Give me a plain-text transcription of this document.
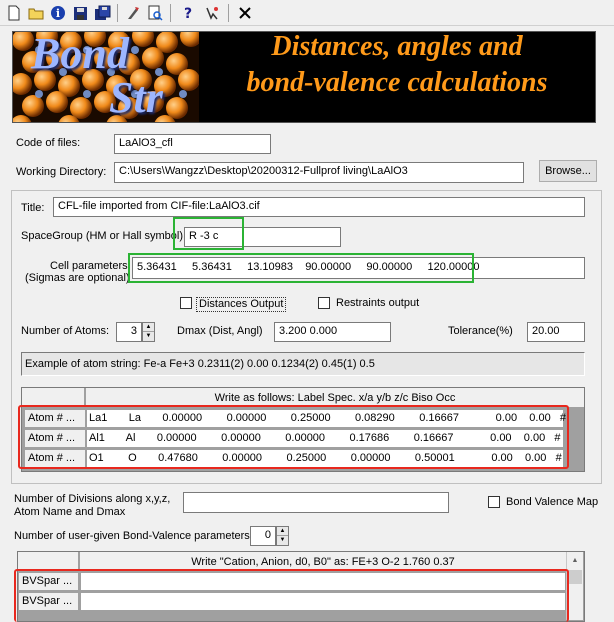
i	?
Bond
Str
Distances, angles and
bond-valence calculations
Code of files:	LaAlO3_cfl
Working Directory:	C:\Users\Wangzz\Desktop\20200312-Fullprof living\LaAlO3	Browse...
Title:	CFL-file imported from CIF-file:LaAlO3.cif
SpaceGroup (HM or Hall symbol) R -3 c
Cell parameters:
(Sigmas are optional)
5.36431     5.36431     13.10983    90.00000     90.00000     120.00000
Distances Output	Restraints output
Number of Atoms:	3	▲
▼ Dmax (Dist, Angl)	3.200 0.000	Tolerance(%)	20.00
Example of atom string: Fe-a Fe+3 0.2311(2) 0.00 0.1234(2) 0.45(1) 0.5
Write as follows: Label Spec. x/a y/b z/c Biso Occ
Atom # ...	La1       La       0.00000        0.00000        0.25000        0.08290        0.16667            0.00    0.00   #
Atom # ...	Al1       Al       0.00000        0.00000        0.00000        0.17686        0.16667            0.00    0.00   #
Atom # ...	O1        O       0.47680        0.00000        0.25000        0.00000        0.50001            0.00    0.00   #
Number of Divisions along x,y,z,
Atom Name and Dmax
Bond Valence Map
Number of user-given Bond-Valence parameters	0	▲
▼
Write "Cation, Anion, d0, B0" as: FE+3 O-2 1.760 0.37
BVSpar ...
BVSpar ...
▲
